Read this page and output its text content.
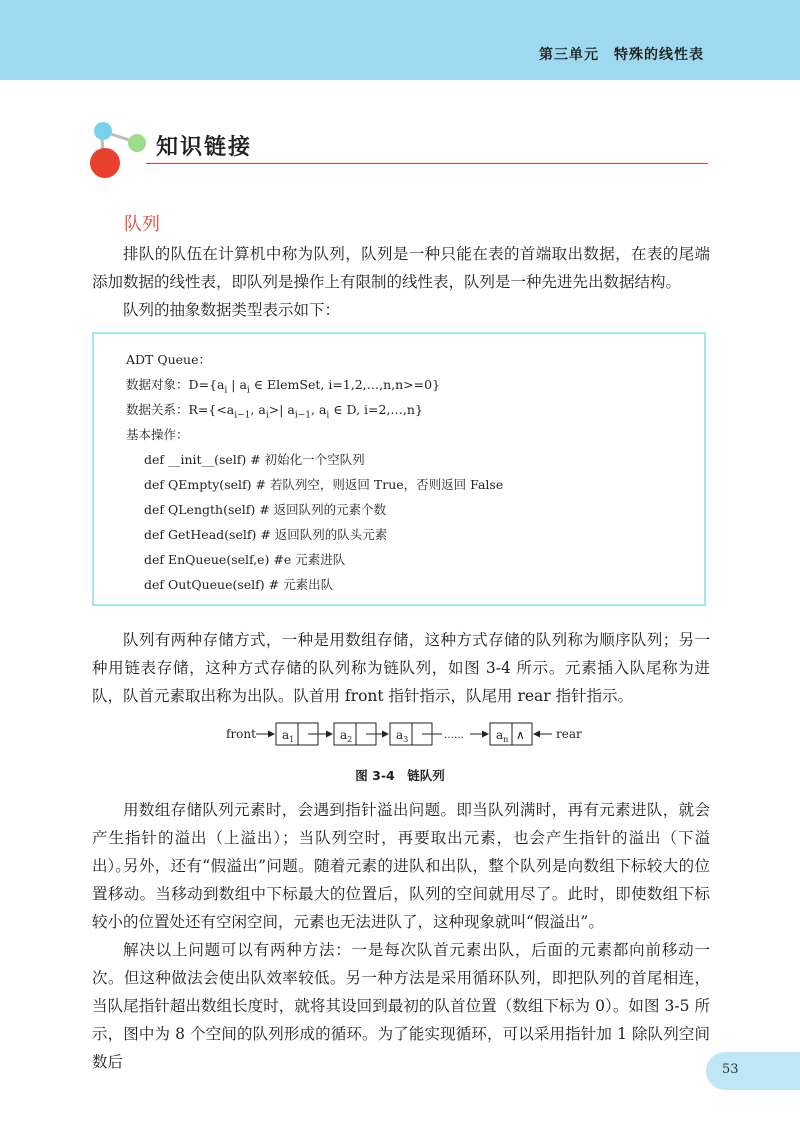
第三单元　特殊的线性表
知识链接
队列

排队的队伍在计算机中称为队列，队列是一种只能在表的首端取出数据，在表的尾端添加数据的线性表，即队列是操作上有限制的线性表，队列是一种先进先出数据结构。

队列的抽象数据类型表示如下：

ADT Queue：
数据对象：$D=\{a_i$ | $a_i$ ∈ ElemSet, i=1,2,…,n,n>=0}
数据关系：$R=\{<a_{i-1}$, $a_i>|$ $a_{i-1}$, $a_i$ ∈ D, i=2,…,n}
基本操作：
def __init__(self) # 初始化一个空队列
def QEmpty(self) # 若队列空，则返回 True，否则返回 False
def QLength(self) # 返回队列的元素个数
def GetHead(self) # 返回队列的队头元素
def EnQueue(self,e) #e 元素进队
def OutQueue(self) # 元素出队

队列有两种存储方式，一种是用数组存储，这种方式存储的队列称为顺序队列；另一种用链表存储，这种方式存储的队列称为链队列，如图 3-4 所示。元素插入队尾称为进队，队首元素取出称为出队。队首用 front 指针指示，队尾用 rear 指针指示。

front $a_1$	$a_2$	$a_3$	……	$a_n$ ∧	rear
图 3-4　链队列

用数组存储队列元素时，会遇到指针溢出问题。即当队列满时，再有元素进队，就会产生指针的溢出（上溢出）；当队列空时，再要取出元素，也会产生指针的溢出（下溢出）。

另外，还有“假溢出”问题。随着元素的进队和出队，整个队列是向数组下标较大的位置移动。当移动到数组中下标最大的位置后，队列的空间就用尽了。此时，即使数组下标较小的位置处还有空闲空间，元素也无法进队了，这种现象就叫“假溢出”。

解决以上问题可以有两种方法：一是每次队首元素出队，后面的元素都向前移动一次。但这种做法会使出队效率较低。另一种方法是采用循环队列，即把队列的首尾相连，当队尾指针超出数组长度时，就将其设回到最初的队首位置（数组下标为 0）。如图 3-5 所示，图中为 8 个空间的队列形成的循环。为了能实现循环，可以采用指针加 1 除队列空间数后	53
